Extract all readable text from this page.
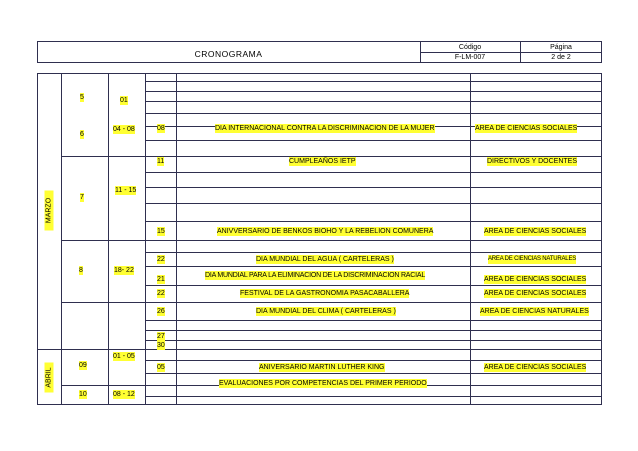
CRONOGRAMA
Código
F-LM-007
Página
2 de 2
MARZO
ABRIL
5
6
7
8
09
10
01
04 - 08
11 - 15
18- 22
01 - 05
08 - 12
08
11
15
22
21
22
26
27
30
05
DIA INTERNACIONAL CONTRA LA DISCRIMINACION DE LA MUJER
CUMPLEAÑOS IETP
ANIVVERSARIO DE BENKOS BIOHO Y LA REBELION COMUNERA
DIA MUNDIAL DEL AGUA ( CARTELERAS )
DIA MUNDIAL PARA LA ELIMINACION DE LA DISCRIMINACION RACIAL
FESTIVAL DE LA GASTRONOMIA PASACABALLERA
DIA MUNDIAL DEL CLIMA ( CARTELERAS )
ANIVERSARIO MARTIN LUTHER KING
EVALUACIONES POR COMPETENCIAS DEL PRIMER PERIODO
AREA DE CIENCIAS SOCIALES
DIRECTIVOS Y DOCENTES
AREA DE CIENCIAS SOCIALES
AREA DE CIENCIAS NATURALES
AREA DE CIENCIAS SOCIALES
AREA DE CIENCIAS SOCIALES
AREA DE CIENCIAS NATURALES
AREA DE CIENCIAS SOCIALES
